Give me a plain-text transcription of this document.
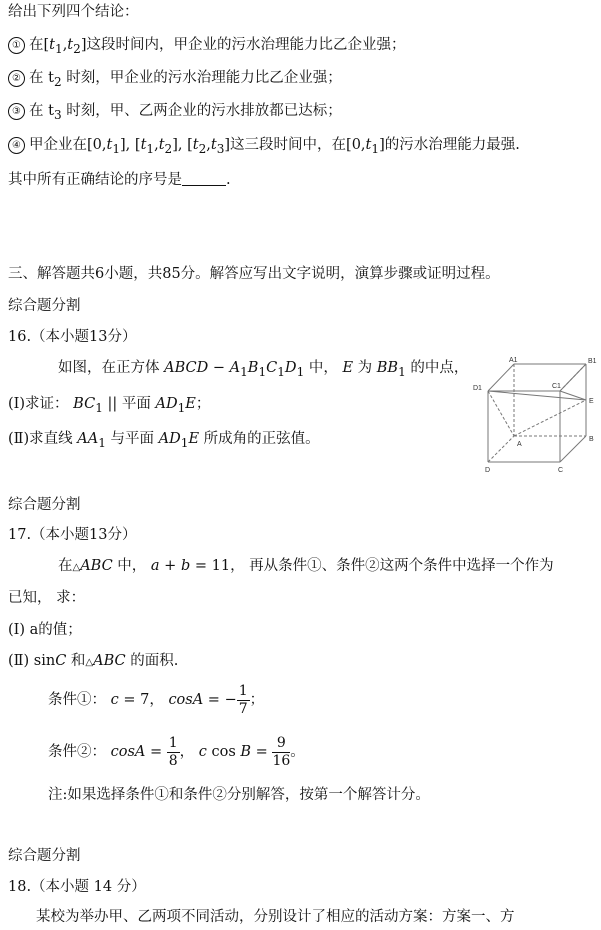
给出下列四个结论：
① 在$[t_1,t_2]$这段时间内，甲企业的污水治理能力比乙企业强；
② 在 $t_2$ 时刻，甲企业的污水治理能力比乙企业强；
③ 在 $t_3$ 时刻，甲、乙两企业的污水排放都已达标；
④ 甲企业在$[0,t_1]$, $[t_1,t_2]$, $[t_2,t_3]$这三段时间中，在$[0,t_1]$的污水治理能力最强.
其中所有正确结论的序号是	.
三、解答题共6小题，共85分。解答应写出文字说明，演算步骤或证明过程。
综合题分割
16.（本小题13分）
如图，在正方体 ABCD − $A_1B_1C_1D_1$ 中， E 为 $BB_1$ 的中点，
(Ⅰ)求证： $BC_1$ || 平面 $AD_1E$；
(Ⅱ)求直线 $AA_1$ 与平面 $AD_1E$ 所成角的正弦值。
A1	B1
D1	C1
E
A
B
D	C
综合题分割
17.（本小题13分）
在△ABC 中， a + b = 11， 再从条件①、条件②这两个条件中选择一个作为
已知， 求：
(Ⅰ) a的值；
(Ⅱ) sinC 和△ABC 的面积.
条件①： c = 7， cosA = − $\frac{1}{7}$ ；
条件②： $\cos A = \frac{1}{8}$ ， c $\cos B = \frac{9}{16}$ 。
注:如果选择条件①和条件②分别解答，按第一个解答计分。
综合题分割
18.（本小题 14 分）
某校为举办甲、乙两项不同活动，分别设计了相应的活动方案：方案一、方
